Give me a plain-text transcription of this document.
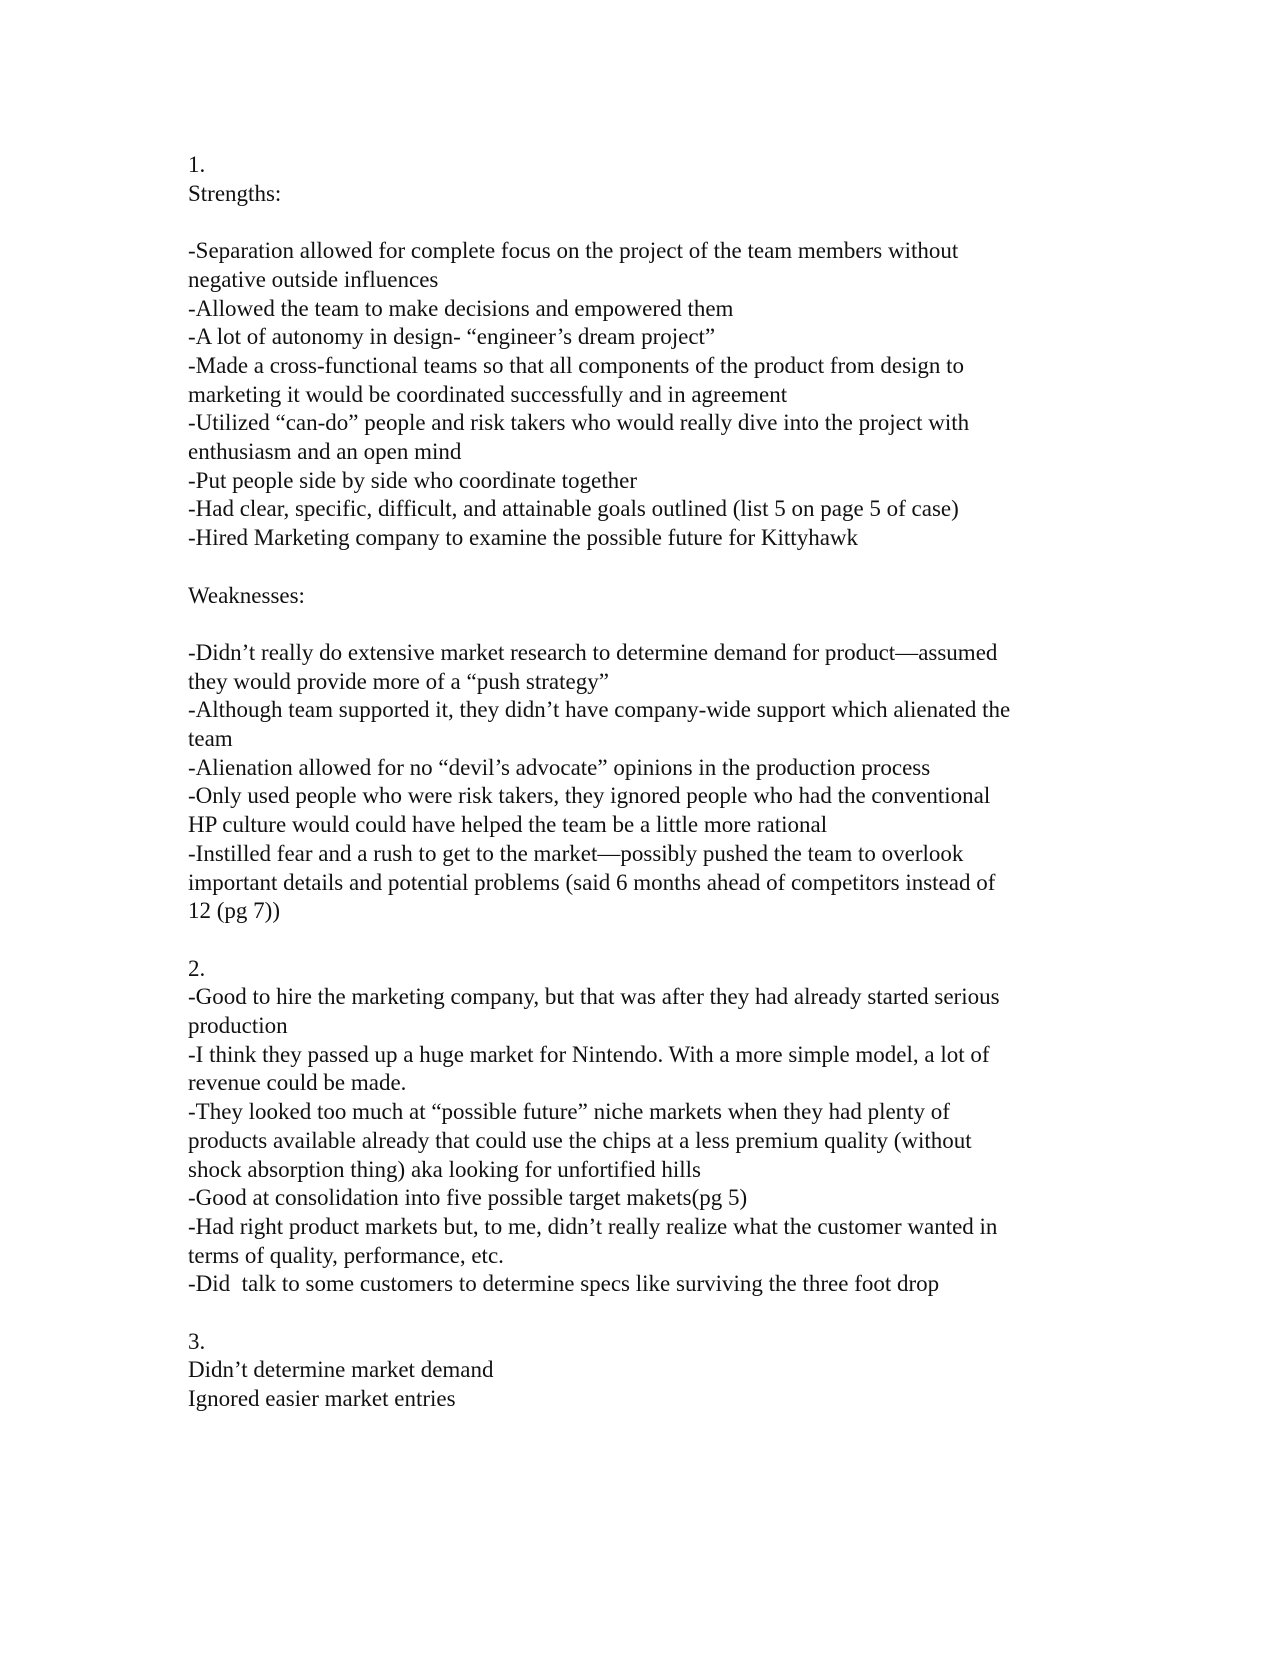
1.
Strengths:
-Separation allowed for complete focus on the project of the team members without
negative outside influences
-Allowed the team to make decisions and empowered them
-A lot of autonomy in design- “engineer’s dream project”
-Made a cross-functional teams so that all components of the product from design to
marketing it would be coordinated successfully and in agreement
-Utilized “can-do” people and risk takers who would really dive into the project with
enthusiasm and an open mind
-Put people side by side who coordinate together
-Had clear, specific, difficult, and attainable goals outlined (list 5 on page 5 of case)
-Hired Marketing company to examine the possible future for Kittyhawk
Weaknesses:
-Didn’t really do extensive market research to determine demand for product—assumed
they would provide more of a “push strategy”
-Although team supported it, they didn’t have company-wide support which alienated the
team
-Alienation allowed for no “devil’s advocate” opinions in the production process
-Only used people who were risk takers, they ignored people who had the conventional
HP culture would could have helped the team be a little more rational
-Instilled fear and a rush to get to the market—possibly pushed the team to overlook
important details and potential problems (said 6 months ahead of competitors instead of
12 (pg 7))
2.
-Good to hire the marketing company, but that was after they had already started serious
production
-I think they passed up a huge market for Nintendo. With a more simple model, a lot of
revenue could be made.
-They looked too much at “possible future” niche markets when they had plenty of
products available already that could use the chips at a less premium quality (without
shock absorption thing) aka looking for unfortified hills
-Good at consolidation into five possible target makets(pg 5)
-Had right product markets but, to me, didn’t really realize what the customer wanted in
terms of quality, performance, etc.
-Did  talk to some customers to determine specs like surviving the three foot drop
3.
Didn’t determine market demand
Ignored easier market entries
